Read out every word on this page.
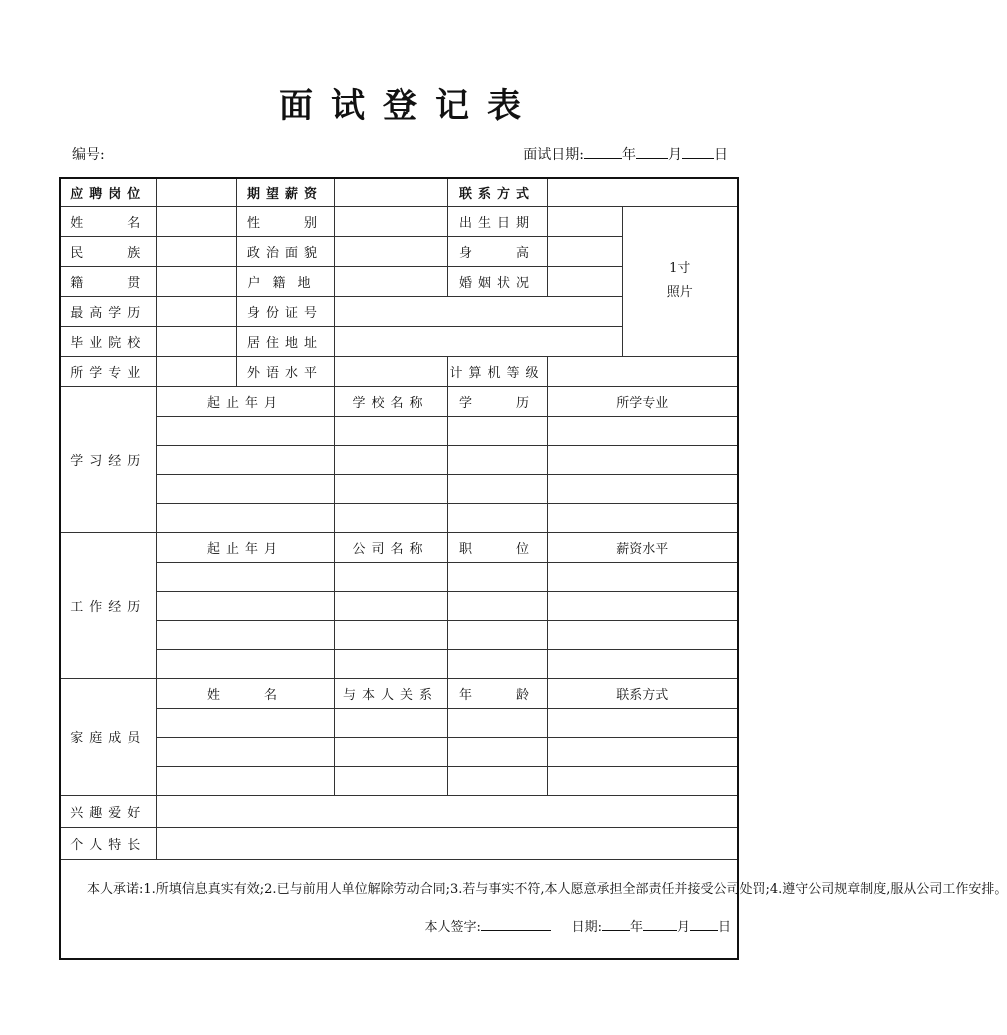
面试登记表
编号:	面试日期:	年 月 日
应聘岗位		期望薪资		联系方式		
姓　　名		性　　别		出生日期		1寸
照片

民　　族		政治面貌		身　　高		
籍　　贯		户籍地		婚姻状况		
最高学历		身份证号				
毕业院校		居住地址				
所学专业		外语水平		计算机等级		
学习经历	起止年月		学校名称	学　　历	所学专业	

工作经历	起止年月		公司名称	职　　位	薪资水平	

家庭成员	姓　　名		与本人关系	年　　龄	联系方式	

兴趣爱好						
个人特长						

本人承诺:1.所填信息真实有效;2.已与前用人单位解除劳动合同;3.若与事实不符,本人愿意承担全部责任并接受公司处罚;4.遵守公司规章制度,服从公司工作安排。
本人签字: 日期: 年 月 日						
